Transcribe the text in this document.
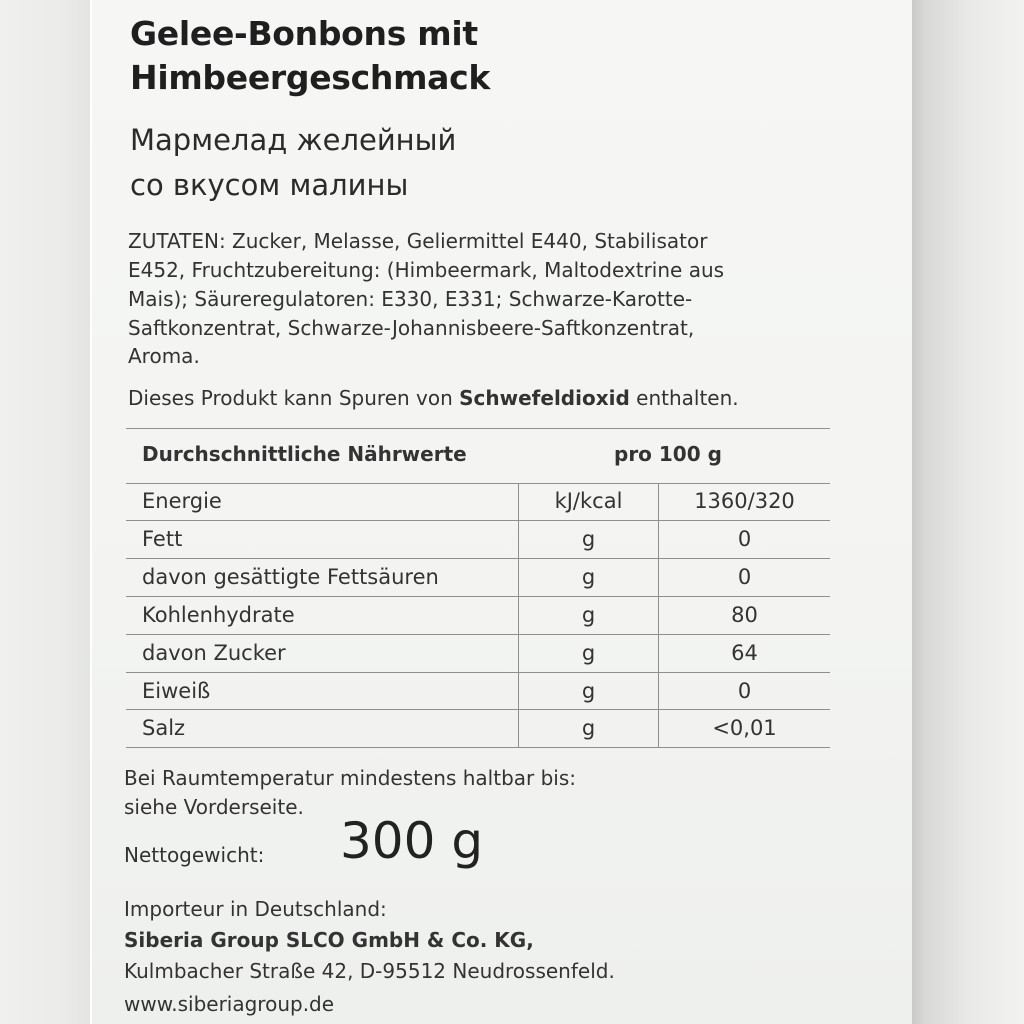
Gelee-Bonbons mit
Himbeergeschmack
Мармелад желейный
со вкусом малины
ZUTATEN: Zucker, Melasse, Geliermittel E440, Stabilisator
E452, Fruchtzubereitung: (Himbeermark, Maltodextrine aus
Mais); Säureregulatoren: E330, E331; Schwarze-Karotte-
Saftkonzentrat, Schwarze-Johannisbeere-Saftkonzentrat,
Aroma.
Dieses Produkt kann Spuren von Schwefeldioxid enthalten.
Durchschnittliche Nährwerte	pro 100 g
Energie	kJ/kcal	1360/320
Fett	g	0
davon gesättigte Fettsäuren	g	0
Kohlenhydrate	g	80
davon Zucker	g	64
Eiweiß	g	0
Salz	g	<0,01
Bei Raumtemperatur mindestens haltbar bis:
siehe Vorderseite.
Nettogewicht: 300 g
Importeur in Deutschland:
Siberia Group SLCO GmbH & Co. KG,
Kulmbacher Straße 42, D-95512 Neudrossenfeld.
www.siberiagroup.de
